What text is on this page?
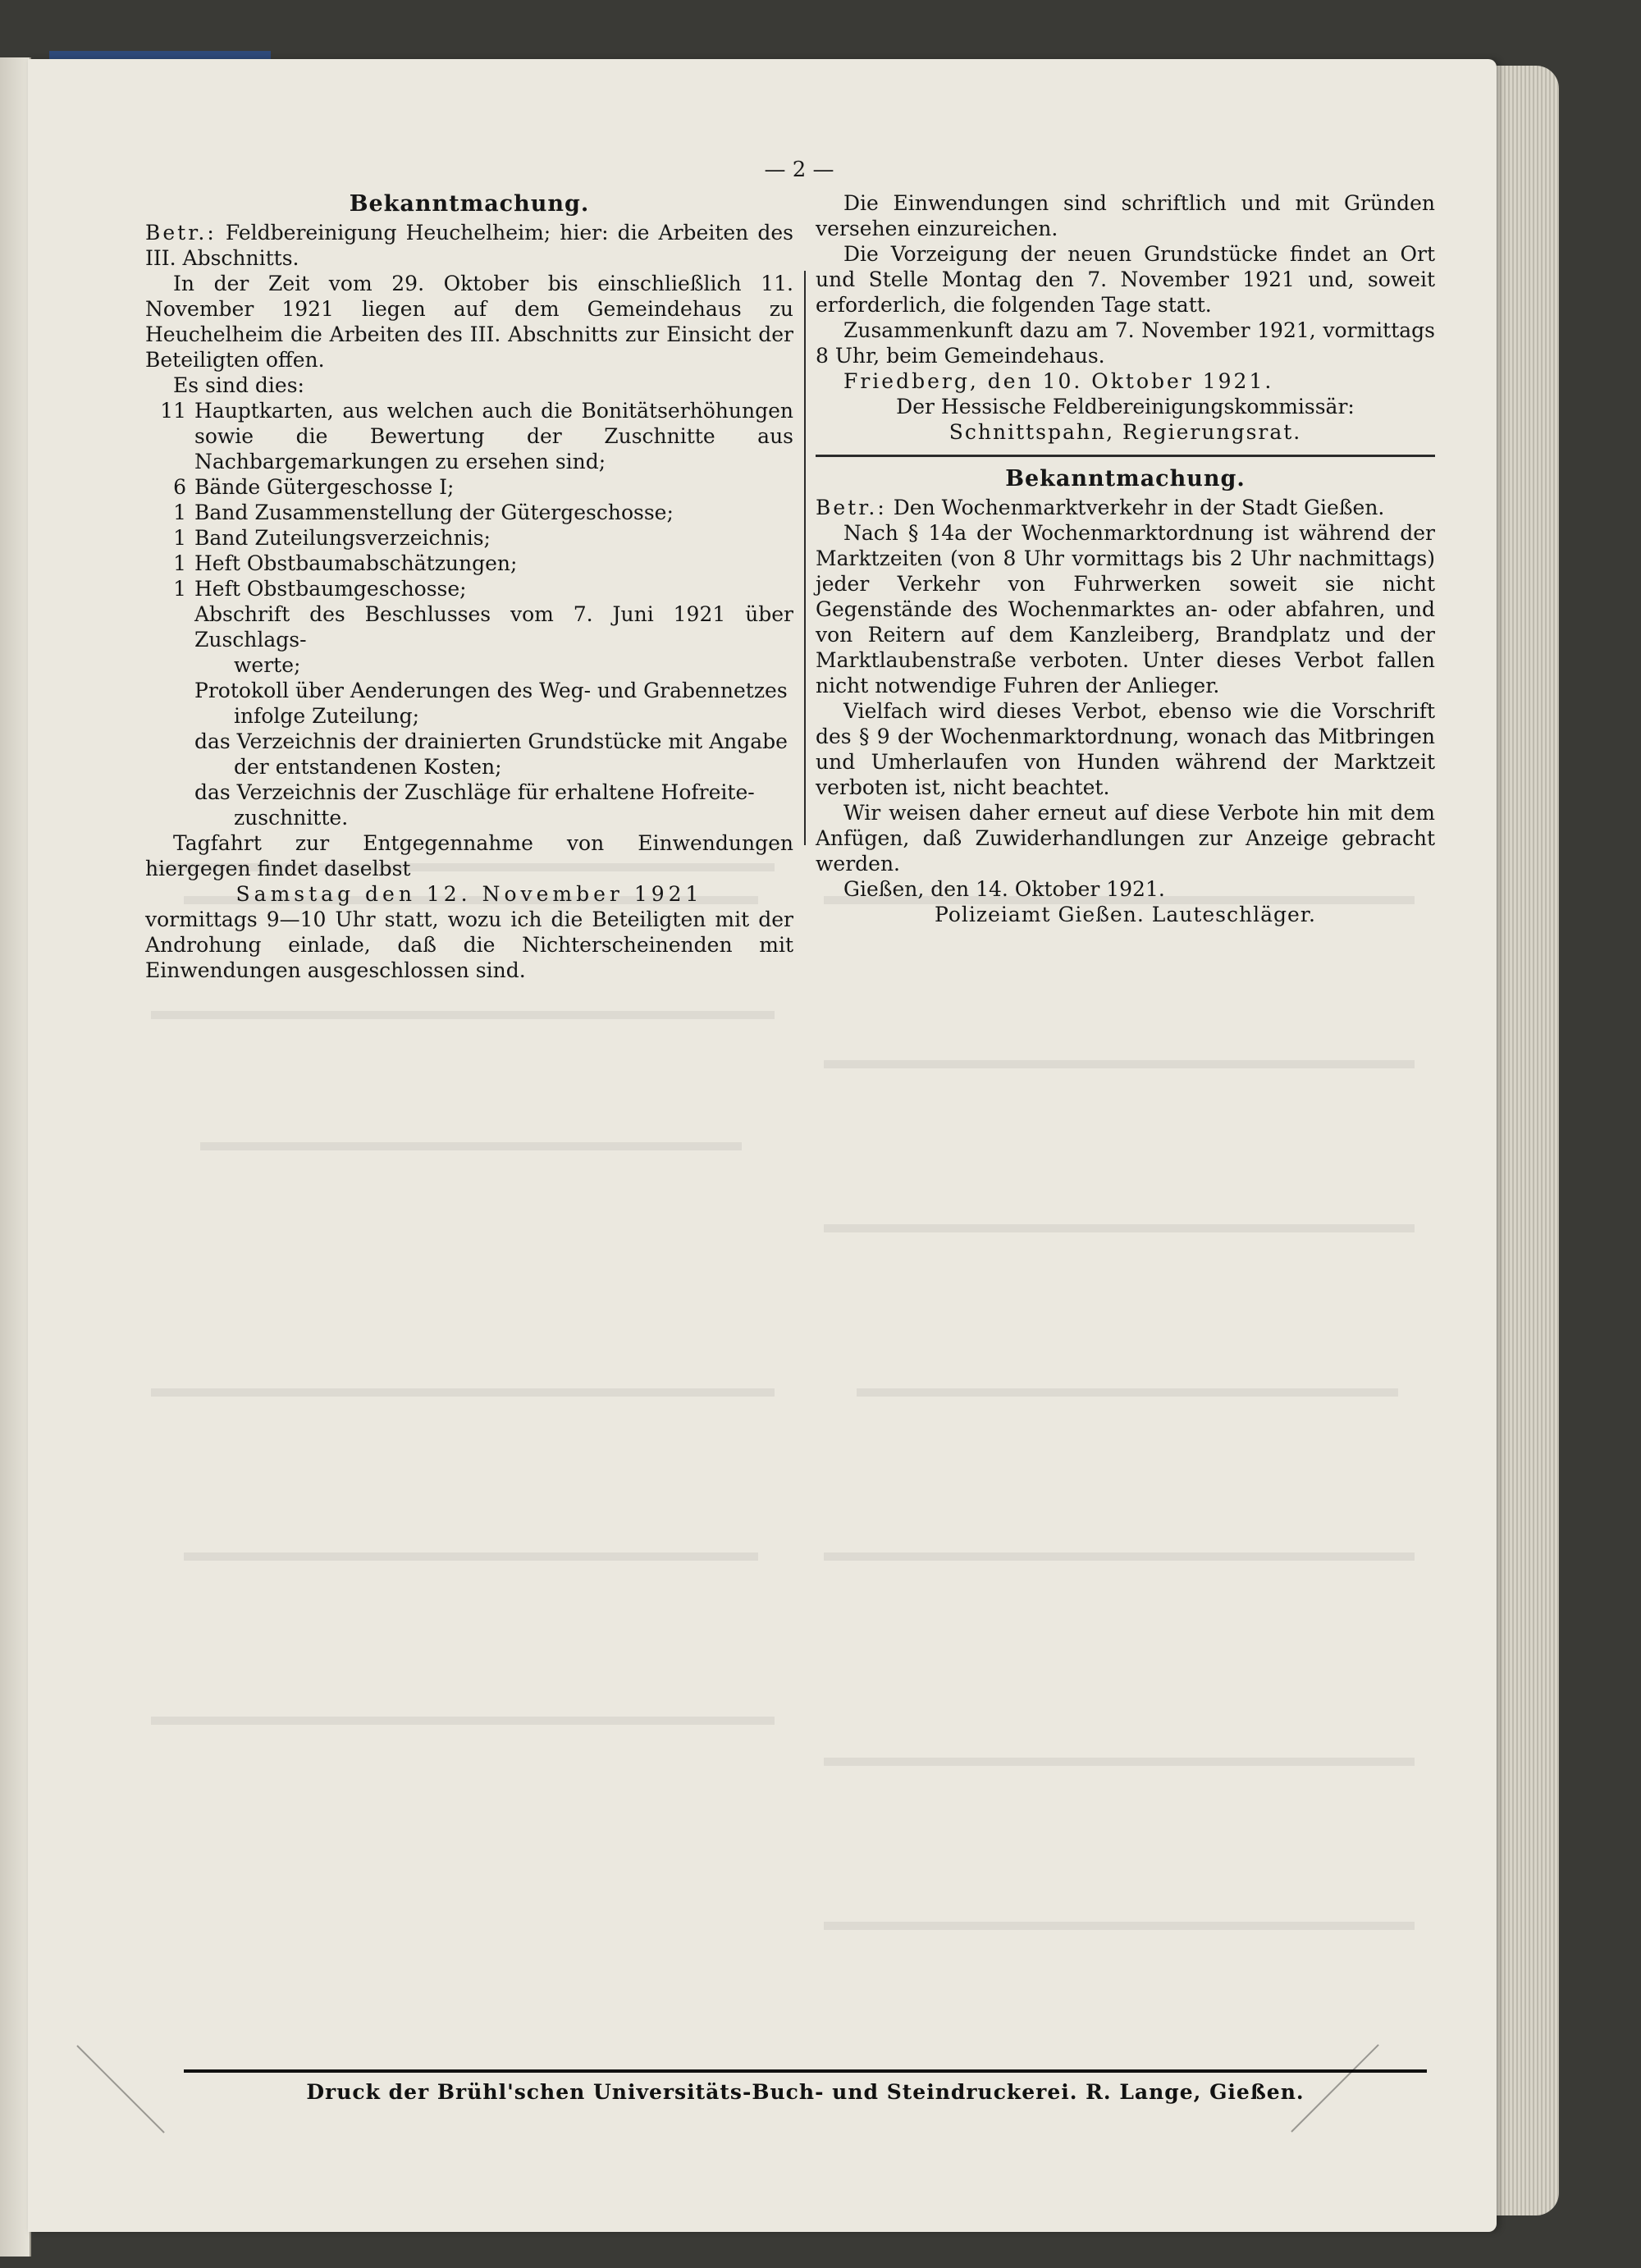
— 2 —
Bekanntmachung.

Betr.: Feldbereinigung Heuchelheim; hier: die Arbeiten des III. Abschnitts.

In der Zeit vom 29. Oktober bis einschließlich 11. November 1921 liegen auf dem Gemeindehaus zu Heuchelheim die Arbeiten des III. Abschnitts zur Einsicht der Beteiligten offen.

Es sind dies:

11 Hauptkarten, aus welchen auch die Bonitätserhöhungen sowie die Bewertung der Zuschnitte aus Nachbargemarkungen zu ersehen sind;
6 Bände Gütergeschosse I;
1 Band Zusammenstellung der Gütergeschosse;
1 Band Zuteilungsverzeichnis;
1 Heft Obstbaumabschätzungen;
1 Heft Obstbaumgeschosse;

Abschrift des Beschlusses vom 7. Juni 1921 über Zuschlags-
werte;

Protokoll über Aenderungen des Weg- und Grabennetzes
infolge Zuteilung;

das Verzeichnis der drainierten Grundstücke mit Angabe
der entstandenen Kosten;

das Verzeichnis der Zuschläge für erhaltene Hofreite-
zuschnitte.

Tagfahrt zur Entgegennahme von Einwendungen hiergegen findet daselbst

Samstag den 12. November 1921

vormittags 9—10 Uhr statt, wozu ich die Beteiligten mit der Androhung einlade, daß die Nichterscheinenden mit Einwendungen ausgeschlossen sind.

Die Einwendungen sind schriftlich und mit Gründen versehen einzureichen.

Die Vorzeigung der neuen Grundstücke findet an Ort und Stelle Montag den 7. November 1921 und, soweit erforderlich, die folgenden Tage statt.

Zusammenkunft dazu am 7. November 1921, vormittags 8 Uhr, beim Gemeindehaus.

Friedberg, den 10. Oktober 1921.

Der Hessische Feldbereinigungskommissär:

Schnittspahn, Regierungsrat.

Bekanntmachung.

Betr.: Den Wochenmarktverkehr in der Stadt Gießen.

Nach § 14a der Wochenmarktordnung ist während der Marktzeiten (von 8 Uhr vormittags bis 2 Uhr nachmittags) jeder Verkehr von Fuhrwerken soweit sie nicht Gegenstände des Wochenmarktes an- oder abfahren, und von Reitern auf dem Kanzleiberg, Brandplatz und der Marktlaubenstraße verboten. Unter dieses Verbot fallen nicht notwendige Fuhren der Anlieger.

Vielfach wird dieses Verbot, ebenso wie die Vorschrift des § 9 der Wochenmarktordnung, wonach das Mitbringen und Umherlaufen von Hunden während der Marktzeit verboten ist, nicht beachtet.

Wir weisen daher erneut auf diese Verbote hin mit dem Anfügen, daß Zuwiderhandlungen zur Anzeige gebracht werden.

Gießen, den 14. Oktober 1921.

Polizeiamt Gießen. Lauteschläger.

Druck der Brühl'schen Universitäts-Buch- und Steindruckerei. R. Lange, Gießen.
